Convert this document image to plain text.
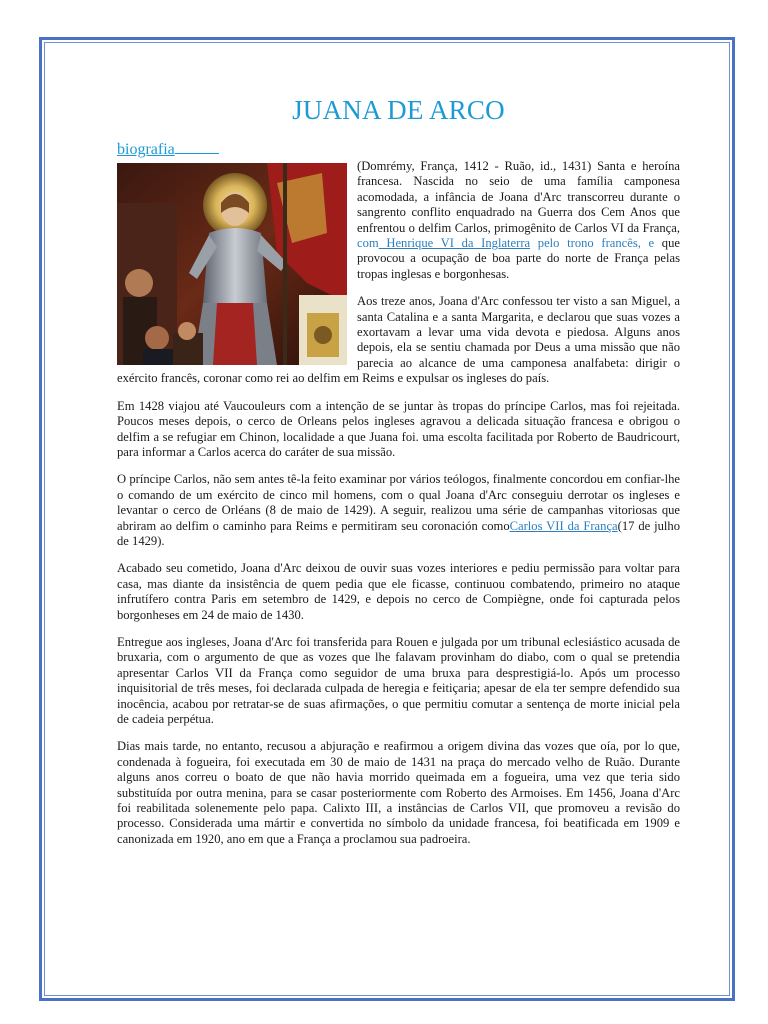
JUANA DE ARCO
biografia

(Domrémy, França, 1412 - Ruão, id., 1431) Santa e heroína francesa. Nascida no seio de uma família camponesa acomodada, a infância de Joana d'Arc transcorreu durante o sangrento conflito enquadrado na Guerra dos Cem Anos que enfrentou o delfim Carlos, primogênito de Carlos VI da França, com Henrique VI da Inglaterra pelo trono francês, e que provocou a ocupação de boa parte do norte de França pelas tropas inglesas e borgonhesas.

Aos treze anos, Joana d'Arc confessou ter visto a san Miguel, a santa Catalina e a santa Margarita, e declarou que suas vozes a exortavam a levar uma vida devota e piedosa. Alguns anos depois, ela se sentiu chamada por Deus a uma missão que não parecia ao alcance de uma camponesa analfabeta: dirigir o exército francês, coronar como rei ao delfim em Reims e expulsar os ingleses do país.

Em 1428 viajou até Vaucouleurs com a intenção de se juntar às tropas do príncipe Carlos, mas foi rejeitada. Poucos meses depois, o cerco de Orleans pelos ingleses agravou a delicada situação francesa e obrigou o delfim a se refugiar em Chinon, localidade a que Juana foi. uma escolta facilitada por Roberto de Baudricourt, para informar a Carlos acerca do caráter de sua missão.

O príncipe Carlos, não sem antes tê-la feito examinar por vários teólogos, finalmente concordou em confiar-lhe o comando de um exército de cinco mil homens, com o qual Joana d'Arc conseguiu derrotar os ingleses e levantar o cerco de Orléans (8 de maio de 1429). A seguir, realizou uma série de campanhas vitoriosas que abriram ao delfim o caminho para Reims e permitiram seu coronación comoCarlos VII da França(17 de julho de 1429).

Acabado seu cometido, Joana d'Arc deixou de ouvir suas vozes interiores e pediu permissão para voltar para casa, mas diante da insistência de quem pedia que ele ficasse, continuou combatendo, primeiro no ataque infrutífero contra Paris em setembro de 1429, e depois no cerco de Compiègne, onde foi capturada pelos borgonheses em 24 de maio de 1430.

Entregue aos ingleses, Joana d'Arc foi transferida para Rouen e julgada por um tribunal eclesiástico acusada de bruxaria, com o argumento de que as vozes que lhe falavam provinham do diabo, com o qual se pretendia apresentar Carlos VII da França como seguidor de uma bruxa para desprestigiá-lo. Após um processo inquisitorial de três meses, foi declarada culpada de heregia e feitiçaria; apesar de ela ter sempre defendido sua inocência, acabou por retratar-se de suas afirmações, o que permitiu comutar a sentença de morte inicial pela de cadeia perpétua.

Dias mais tarde, no entanto, recusou a abjuração e reafirmou a origem divina das vozes que oía, por lo que, condenada à fogueira, foi executada em 30 de maio de 1431 na praça do mercado velho de Ruão. Durante alguns anos correu o boato de que não havia morrido queimada em a fogueira, uma vez que teria sido substituída por outra menina, para se casar posteriormente com Roberto des Armoises. Em 1456, Joana d'Arc foi reabilitada solenemente pelo papa. Calixto III, a instâncias de Carlos VII, que promoveu a revisão do processo. Considerada uma mártir e convertida no símbolo da unidade francesa, foi beatificada em 1909 e canonizada em 1920, ano em que a França a proclamou sua padroeira.
